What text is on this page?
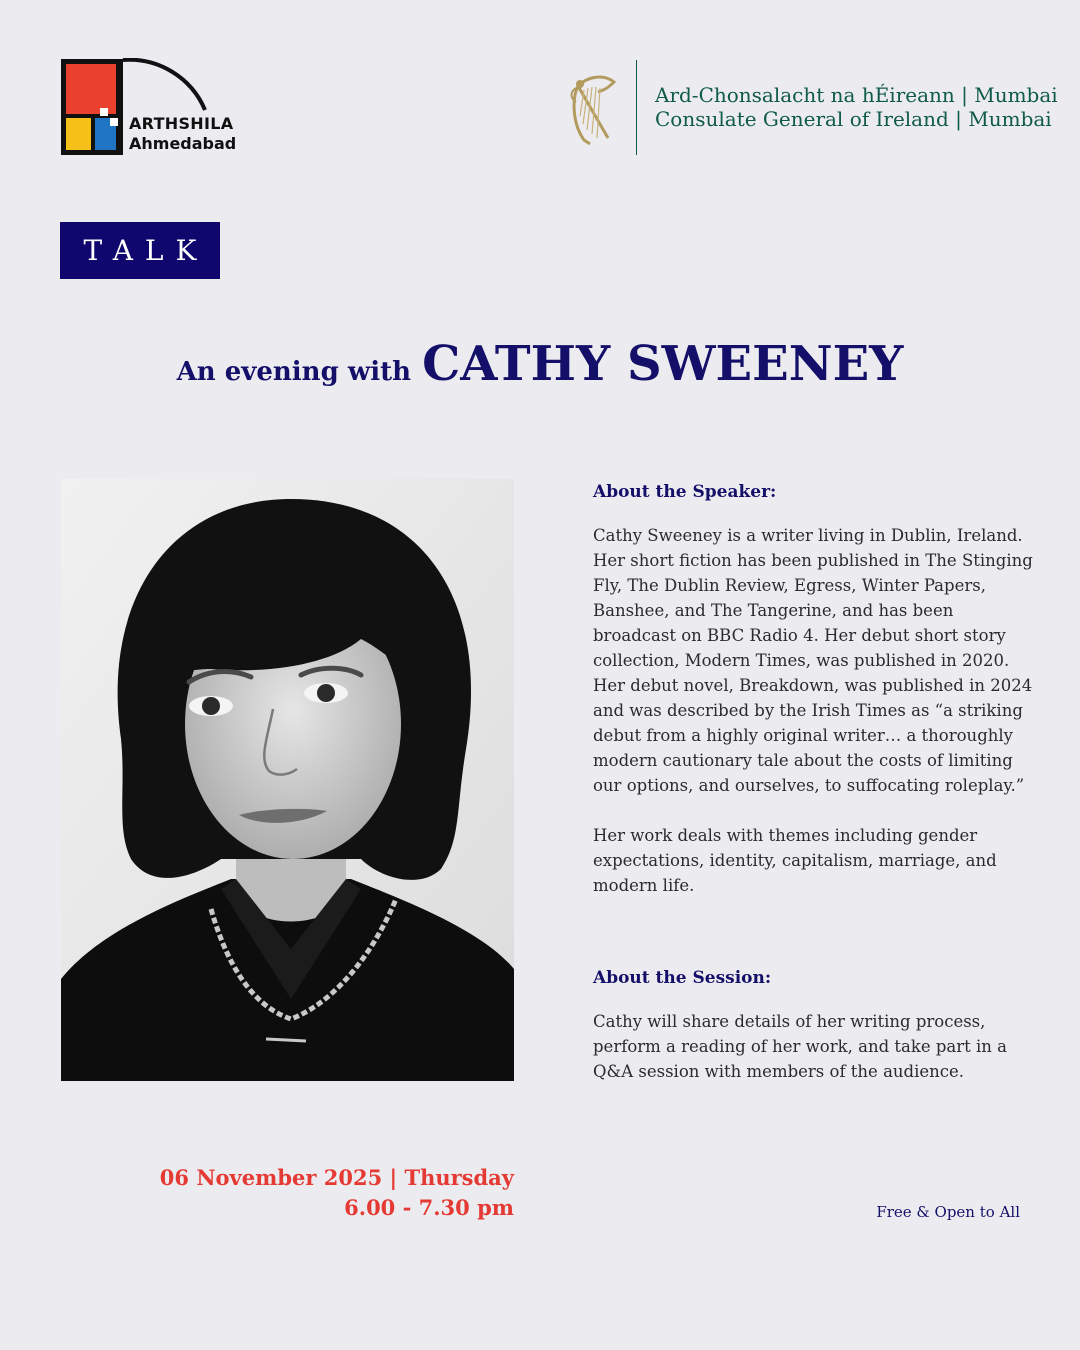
ARTHSHILA
Ahmedabad
Ard-Chonsalacht na hÉireann | Mumbai
Consulate General of Ireland | Mumbai
TALK
An evening with CATHY SWEENEY
About the Speaker:
Cathy Sweeney is a writer living in Dublin, Ireland. Her short fiction has been published in The Stinging Fly, The Dublin Review, Egress, Winter Papers, Banshee, and The Tangerine, and has been broadcast on BBC Radio 4. Her debut short story collection, Modern Times, was published in 2020. Her debut novel, Breakdown, was published in 2024 and was described by the Irish Times as “a striking debut from a highly original writer… a thoroughly modern cautionary tale about the costs of limiting our options, and ourselves, to suffocating roleplay.”
Her work deals with themes including gender expectations, identity, capitalism, marriage, and modern life.
About the Session:
Cathy will share details of her writing process, perform a reading of her work, and take part in a Q&A session with members of the audience.
06 November 2025 | Thursday
6.00 - 7.30 pm	Free & Open to All
